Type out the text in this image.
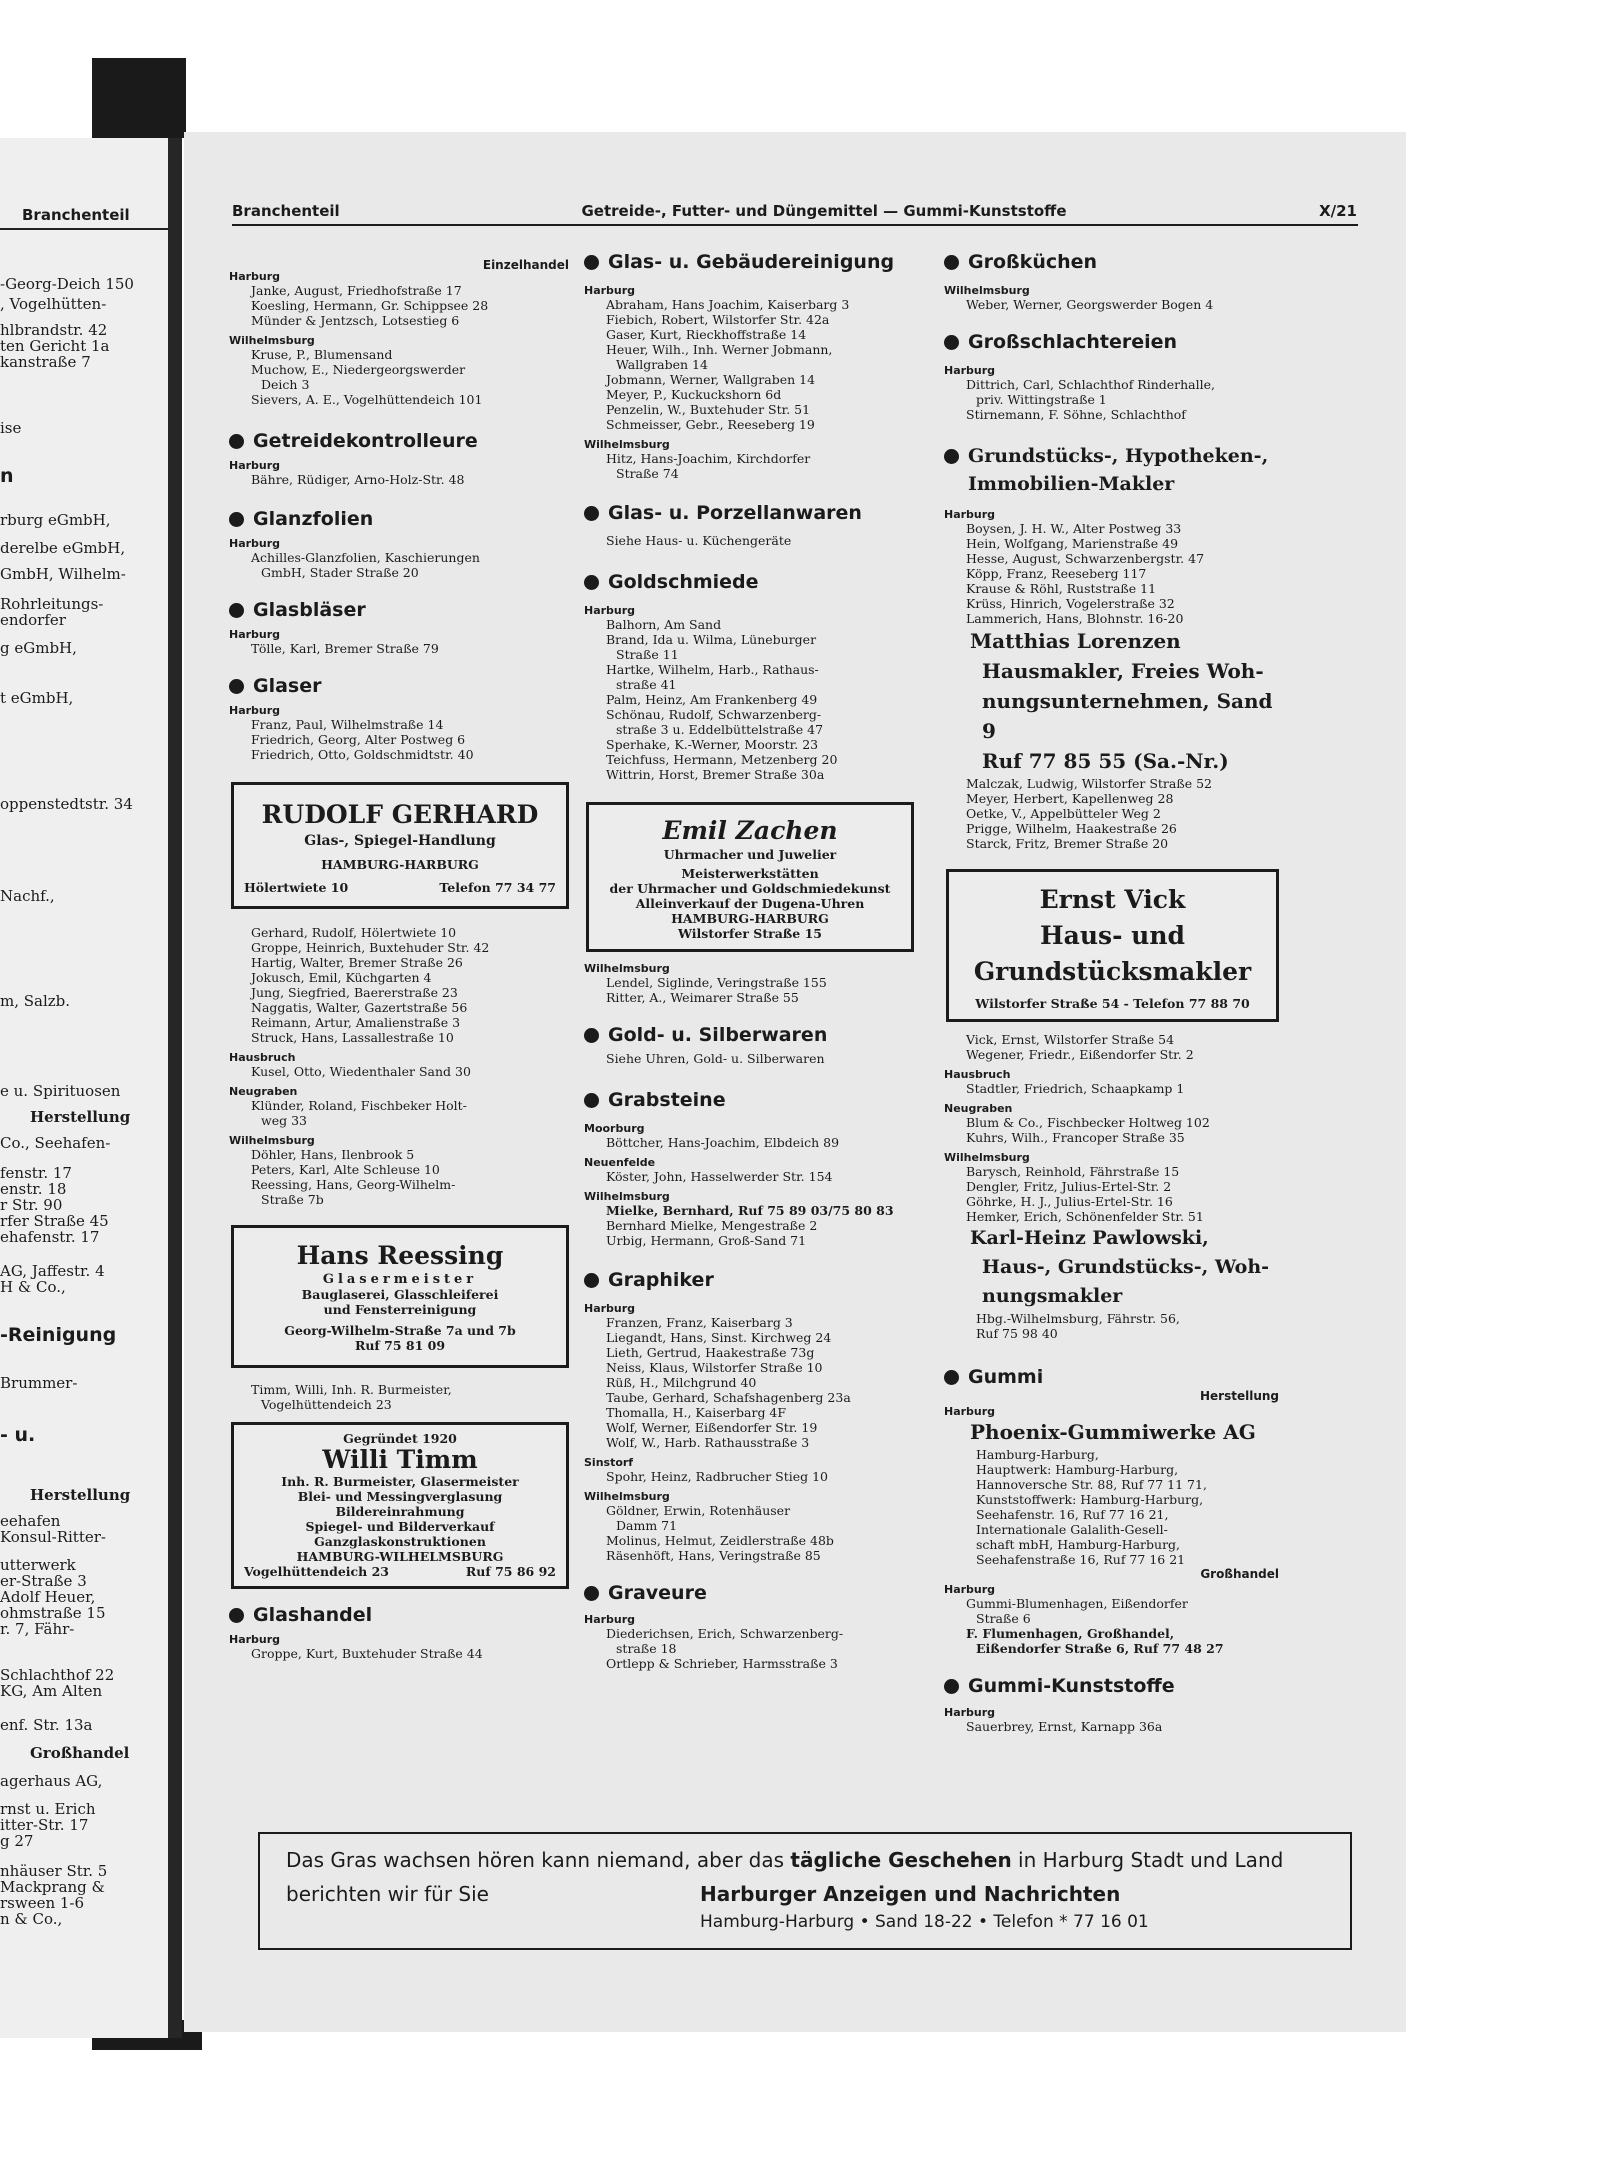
Branchenteil
-Georg-Deich 150
, Vogelhütten-
hlbrandstr. 42
ten Gericht 1a
kanstraße 7
ise
n
rburg eGmbH,
derelbe eGmbH,
GmbH, Wilhelm-
Rohrleitungs-
endorfer
g eGmbH,
t eGmbH,
oppenstedtstr. 34
Nachf.,
m, Salzb.
e u. Spirituosen
Herstellung
Co., Seehafen-
fenstr. 17
enstr. 18
r Str. 90
rfer Straße 45
ehafenstr. 17
AG, Jaffestr. 4
H & Co.,
-Reinigung
Brummer-
- u.
Herstellung
eehafen
Konsul-Ritter-
utterwerk
er-Straße 3
Adolf Heuer,
ohmstraße 15
r. 7, Fähr-
Schlachthof 22
KG, Am Alten
enf. Str. 13a
Großhandel
agerhaus AG,
rnst u. Erich
itter-Str. 17
g 27
nhäuser Str. 5
Mackprang &
rsween 1-6
n & Co.,
Branchenteil	Getreide-, Futter- und Düngemittel — Gummi-Kunststoffe	X/21
Einzelhandel
Harburg
Janke, August, Friedhofstraße 17
Koesling, Hermann, Gr. Schippsee 28
Münder & Jentzsch, Lotsestieg 6
Wilhelmsburg
Kruse, P., Blumensand
Muchow, E., Niedergeorgswerder
Deich 3
Sievers, A. E., Vogelhüttendeich 101
Getreidekontrolleure
Harburg
Bähre, Rüdiger, Arno-Holz-Str. 48
Glanzfolien
Harburg
Achilles-Glanzfolien, Kaschierungen
GmbH, Stader Straße 20
Glasbläser
Harburg
Tölle, Karl, Bremer Straße 79
Glaser
Harburg
Franz, Paul, Wilhelmstraße 14
Friedrich, Georg, Alter Postweg 6
Friedrich, Otto, Goldschmidtstr. 40
RUDOLF GERHARD
Glas-, Spiegel-Handlung
HAMBURG-HARBURG
Hölertwiete 10	Telefon 77 34 77
Gerhard, Rudolf, Hölertwiete 10
Groppe, Heinrich, Buxtehuder Str. 42
Hartig, Walter, Bremer Straße 26
Jokusch, Emil, Küchgarten 4
Jung, Siegfried, Baererstraße 23
Naggatis, Walter, Gazertstraße 56
Reimann, Artur, Amalienstraße 3
Struck, Hans, Lassallestraße 10
Hausbruch
Kusel, Otto, Wiedenthaler Sand 30
Neugraben
Klünder, Roland, Fischbeker Holt-
weg 33
Wilhelmsburg
Döhler, Hans, Ilenbrook 5
Peters, Karl, Alte Schleuse 10
Reessing, Hans, Georg-Wilhelm-
Straße 7b
Hans Reessing
Glasermeister
Bauglaserei, Glasschleiferei
und Fensterreinigung
Georg-Wilhelm-Straße 7a und 7b
Ruf 75 81 09
Timm, Willi, Inh. R. Burmeister,
Vogelhüttendeich 23
Gegründet 1920
Willi Timm
Inh. R. Burmeister, Glasermeister
Blei- und Messingverglasung
Bildereinrahmung
Spiegel- und Bilderverkauf
Ganzglaskonstruktionen
HAMBURG-WILHELMSBURG
Vogelhüttendeich 23	Ruf 75 86 92
Glashandel
Harburg
Groppe, Kurt, Buxtehuder Straße 44
Glas- u. Gebäudereinigung
Harburg
Abraham, Hans Joachim, Kaiserbarg 3
Fiebich, Robert, Wilstorfer Str. 42a
Gaser, Kurt, Rieckhoffstraße 14
Heuer, Wilh., Inh. Werner Jobmann,
Wallgraben 14
Jobmann, Werner, Wallgraben 14
Meyer, P., Kuckuckshorn 6d
Penzelin, W., Buxtehuder Str. 51
Schmeisser, Gebr., Reeseberg 19
Wilhelmsburg
Hitz, Hans-Joachim, Kirchdorfer
Straße 74
Glas- u. Porzellanwaren
Siehe Haus- u. Küchengeräte
Goldschmiede
Harburg
Balhorn, Am Sand
Brand, Ida u. Wilma, Lüneburger
Straße 11
Hartke, Wilhelm, Harb., Rathaus-
straße 41
Palm, Heinz, Am Frankenberg 49
Schönau, Rudolf, Schwarzenberg-
straße 3 u. Eddelbüttelstraße 47
Sperhake, K.-Werner, Moorstr. 23
Teichfuss, Hermann, Metzenberg 20
Wittrin, Horst, Bremer Straße 30a
Emil Zachen
Uhrmacher und Juwelier
Meisterwerkstätten
der Uhrmacher und Goldschmiedekunst
Alleinverkauf der Dugena-Uhren
HAMBURG-HARBURG
Wilstorfer Straße 15
Wilhelmsburg
Lendel, Siglinde, Veringstraße 155
Ritter, A., Weimarer Straße 55
Gold- u. Silberwaren
Siehe Uhren, Gold- u. Silberwaren
Grabsteine
Moorburg
Böttcher, Hans-Joachim, Elbdeich 89
Neuenfelde
Köster, John, Hasselwerder Str. 154
Wilhelmsburg
Mielke, Bernhard, Ruf 75 89 03/75 80 83
Bernhard Mielke, Mengestraße 2
Urbig, Hermann, Groß-Sand 71
Graphiker
Harburg
Franzen, Franz, Kaiserbarg 3
Liegandt, Hans, Sinst. Kirchweg 24
Lieth, Gertrud, Haakestraße 73g
Neiss, Klaus, Wilstorfer Straße 10
Rüß, H., Milchgrund 40
Taube, Gerhard, Schafshagenberg 23a
Thomalla, H., Kaiserbarg 4F
Wolf, Werner, Eißendorfer Str. 19
Wolf, W., Harb. Rathausstraße 3
Sinstorf
Spohr, Heinz, Radbrucher Stieg 10
Wilhelmsburg
Göldner, Erwin, Rotenhäuser
Damm 71
Molinus, Helmut, Zeidlerstraße 48b
Räsenhöft, Hans, Veringstraße 85
Graveure
Harburg
Diederichsen, Erich, Schwarzenberg-
straße 18
Ortlepp & Schrieber, Harmsstraße 3
Großküchen
Wilhelmsburg
Weber, Werner, Georgswerder Bogen 4
Großschlachtereien
Harburg
Dittrich, Carl, Schlachthof Rinderhalle,
priv. Wittingstraße 1
Stirnemann, F. Söhne, Schlachthof
Grundstücks-, Hypotheken-,
Immobilien-Makler
Harburg
Boysen, J. H. W., Alter Postweg 33
Hein, Wolfgang, Marienstraße 49
Hesse, August, Schwarzenbergstr. 47
Köpp, Franz, Reeseberg 117
Krause & Röhl, Ruststraße 11
Krüss, Hinrich, Vogelerstraße 32
Lammerich, Hans, Blohnstr. 16-20
Matthias Lorenzen
Hausmakler, Freies Woh-
nungsunternehmen, Sand 9
Ruf 77 85 55 (Sa.-Nr.)
Malczak, Ludwig, Wilstorfer Straße 52
Meyer, Herbert, Kapellenweg 28
Oetke, V., Appelbütteler Weg 2
Prigge, Wilhelm, Haakestraße 26
Starck, Fritz, Bremer Straße 20
Ernst Vick
Haus- und
Grundstücksmakler
Wilstorfer Straße 54 - Telefon 77 88 70
Vick, Ernst, Wilstorfer Straße 54
Wegener, Friedr., Eißendorfer Str. 2
Hausbruch
Stadtler, Friedrich, Schaapkamp 1
Neugraben
Blum & Co., Fischbecker Holtweg 102
Kuhrs, Wilh., Francoper Straße 35
Wilhelmsburg
Barysch, Reinhold, Fährstraße 15
Dengler, Fritz, Julius-Ertel-Str. 2
Göhrke, H. J., Julius-Ertel-Str. 16
Hemker, Erich, Schönenfelder Str. 51
Karl-Heinz Pawlowski,
Haus-, Grundstücks-, Woh-
nungsmakler
Hbg.-Wilhelmsburg, Fährstr. 56,
Ruf 75 98 40
Gummi
Herstellung
Harburg
Phoenix-Gummiwerke AG
Hamburg-Harburg,
Hauptwerk: Hamburg-Harburg,
Hannoversche Str. 88, Ruf 77 11 71,
Kunststoffwerk: Hamburg-Harburg,
Seehafenstr. 16, Ruf 77 16 21,
Internationale Galalith-Gesell-
schaft mbH, Hamburg-Harburg,
Seehafenstraße 16, Ruf 77 16 21
Großhandel
Harburg
Gummi-Blumenhagen, Eißendorfer
Straße 6
F. Flumenhagen, Großhandel,
Eißendorfer Straße 6, Ruf 77 48 27
Gummi-Kunststoffe
Harburg
Sauerbrey, Ernst, Karnapp 36a
Das Gras wachsen hören kann niemand, aber das tägliche Geschehen in Harburg Stadt und Land
berichten wir für Sie	Harburger Anzeigen und Nachrichten
Hamburg-Harburg • Sand 18-22 • Telefon * 77 16 01
